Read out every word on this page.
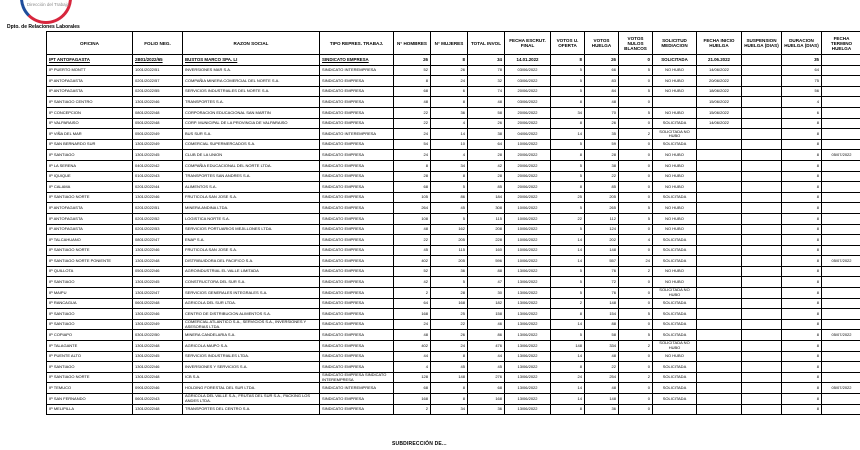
Dirección del Trabajo
Dpto. de Relaciones Laborales
OFICINA	FOLIO NEG.	RAZON SOCIAL	TIPO REPRES. TRABAJ.	N° HOMBRES	N° MUJERES	TOTAL INVOL	FECHA ESCRUT. FINAL	VOTOS U. OFERTA	VOTOS HUELGA	VOTOS NULOS BLANCOS	SOLICITUD MEDIACION	FECHA INICIO HUELGA	SUSPENSION HUELGA (DIAS)	DURACION HUELGA (DIAS)	FECHA TERMINO HUELGA
IPT ANTOFAGASTA	2B01/2022/65	BUSTOS MARCO SPA. LI	SINDICATO EMPRESA	26	8	34	14.01.2022	8	26	0	SOLICITADA	21.06.2022		35	
IP PUERTO MONTT	1001/2022/51	INVERSIONES MAR S.A.	SINDICATO INTEREMPRESA	52	26	78	03/06/2022	5	66	5	NO HUBO	14/06/2022		64	
IP ANTOFAGASTA	0201/2022/57	COMPAÑIA MINERA COMERCIAL DEL NORTE S.A.	SINDICATO EMPRESA	8	24	32	03/06/2022	5	83	0	NO HUBO	20/06/2022		75	
IP ANTOFAGASTA	0201/2022/55	SERVICIOS INDUSTRIALES DEL NORTE S.A.	SINDICATO EMPRESA	68	6	74	20/06/2022	5	84	5	NO HUBO	18/06/2022		56	
IP SANTIAGO CENTRO	1301/2022/46	TRANSPORTES S.A.	SINDICATO EMPRESA	48	8	48	03/06/2022	8	48	0		15/06/2022		4	
IP CONCEPCION	0801/2022/48	CORPORACION EDUCACIONAL SAN MARTIN	SINDICATO EMPRESA	22	36	58	20/06/2022	34	70	5	NO HUBO	15/06/2022		6	
IP VALPARAISO	0501/2022/48	CORP. MUNICIPAL DE LA PROVINCIA DE VALPARAISO	SINDICATO EMPRESA	22	4	26	20/06/2022	8	26	0	SOLICITADA	14/06/2022		8	
IP VIÑA DEL MAR	0501/2022/49	BUS SUR S.A.	SINDICATO INTEREMPRESA	24	14	38	04/06/2022	14	35	2	SOLICITADA NO HUBO			8	
IP SAN BERNARDO SUR	1301/2022/49	COMERCIAL SUPERMERCADOS S.A.	SINDICATO EMPRESA	54	10	64	10/06/2022	5	59	0	SOLICITADA			8	
IP SANTIAGO	1301/2022/45	CLUB DE LA UNION	SINDICATO EMPRESA	24	4	28	20/06/2022	8	28	0	NO HUBO			8	05/07/2022
IP LA SERENA	0401/2022/42	COMPAÑIA EDUCACIONAL DEL NORTE LTDA.	SINDICATO EMPRESA	8	34	42	20/06/2022	5	38	0	NO HUBO			8	
IP IQUIQUE	0101/2022/43	TRANSPORTES SAN ANDRES S.A.	SINDICATO EMPRESA	28	8	28	20/06/2022	5	22	0	NO HUBO			8	
IP CALAMA	0201/2022/44	ALIMENTOS S.A.	SINDICATO EMPRESA	68	5	85	20/06/2022	8	85	0	NO HUBO			8	
IP SANTIAGO NORTE	1301/2022/46	FRUTICOLA SAN JOSE S.A.	SINDICATO EMPRESA	105	86	184	20/06/2022	25	205	0	SOLICITADA			8	
IP ANTOFAGASTA	0201/2022/51	MINERA ANDINA LTDA.	SINDICATO EMPRESA	264	45	308	10/06/2022	5	265	5	NO HUBO			8	
IP ANTOFAGASTA	0201/2022/52	LOGISTICA NORTE S.A.	SINDICATO EMPRESA	108	5	115	10/06/2022	22	112	5	NO HUBO			8	
IP ANTOFAGASTA	0201/2022/53	SERVICIOS PORTUARIOS MEJILLONES LTDA.	SINDICATO EMPRESA	48	162	208	10/06/2022	5	124	0	NO HUBO			8	
IP TALCAHUANO	0801/2022/47	ENAP S.A.	SINDICATO EMPRESA	22	205	228	10/06/2022	14	202	4	SOLICITADA			8	
IP SANTIAGO NORTE	1301/2022/46	FRUTICOLA SAN JOSE S.A.	SINDICATO EMPRESA	45	115	160	10/06/2022	14	148	0	SOLICITADA			8	
IP SANTIAGO NORTE PONIENTE	1301/2022/48	DISTRIBUIDORA DEL PACIFICO S.A.	SINDICATO EMPRESA	402	205	596	10/06/2022	14	557	24	SOLICITADA			8	05/07/2022
IP QUILLOTA	0501/2022/46	AGROINDUSTRIAL EL VALLE LIMITADA	SINDICATO EMPRESA	52	36	88	13/06/2022	5	76	2	NO HUBO			8	
IP SANTIAGO	1301/2022/45	CONSTRUCTORA DEL SUR S.A.	SINDICATO EMPRESA	42	5	47	13/06/2022	5	72	0	NO HUBO			8	
IP MAIPU	1301/2022/47	SERVICIOS GENERALES INTEGRALES S.A.	SINDICATO EMPRESA	2	28	30	13/06/2022	5	76	0	SOLICITADA NO HUBO			8	
IP RANCAGUA	0601/2022/48	AGRICOLA DEL SUR LTDA.	SINDICATO EMPRESA	64	168	182	13/06/2022	2	148	0	SOLICITADA			8	
IP SANTIAGO	1301/2022/46	CENTRO DE DISTRIBUCION ALIMENTOS S.A.	SINDICATO EMPRESA	168	25	158	13/06/2022	8	154	5	SOLICITADA			8	
IP SANTIAGO	1301/2022/49	COMERCIAL ATLANTICO S.A., SERVICIOS S.A., INVERSIONES Y ASESORIAS LTDA.	SINDICATO EMPRESA	24	22	46	13/06/2022	14	88	0	SOLICITADA			8	
IP COPIAPO	0301/2022/50	MINERA CANDELARIA S.A.	SINDICATO EMPRESA	48	26	86	13/06/2022	5	58	5	SOLICITADA			8	05/07/2022
IP TALAGANTE	1301/2022/48	AGRICOLA MAIPO S.A.	SINDICATO EMPRESA	402	24	476	13/06/2022	148	334	2	SOLICITADA NO HUBO			8	
IP PUENTE ALTO	1301/2022/45	SERVICIOS INDUSTRIALES LTDA.	SINDICATO EMPRESA	44	8	44	13/06/2022	14	48	0	NO HUBO			8	
IP SANTIAGO	1301/2022/46	INVERSIONES Y SERVICIOS S.A.	SINDICATO EMPRESA	4	45	45	13/06/2022	8	22	0	SOLICITADA			8	
IP SANTIAGO NORTE	1301/2022/48	ICB S.A.	SINDICATO EMPRESA SINDICATO INTEREMPRESA	128	148	276	13/06/2022	24	254	2	SOLICITADA			8	
IP TEMUCO	0901/2022/46	HOLDING FORESTAL DEL SUR LTDA.	SINDICATO INTEREMPRESA	68	8	68	13/06/2022	14	48	0	SOLICITADA			8	05/07/2022
IP SAN FERNANDO	0601/2022/43	AGRICOLA DEL VALLE S.A., FRUTAS DEL SUR S.A., PACKING LOS ANDES LTDA.	SINDICATO EMPRESA	168	8	168	13/06/2022	14	148	0	SOLICITADA			8	
IP MELIPILLA	1301/2022/48	TRANSPORTES DEL CENTRO S.A.	SINDICATO EMPRESA	2	34	36	13/06/2022	8	36	0				8	
SUBDIRECCIÓN DE...
